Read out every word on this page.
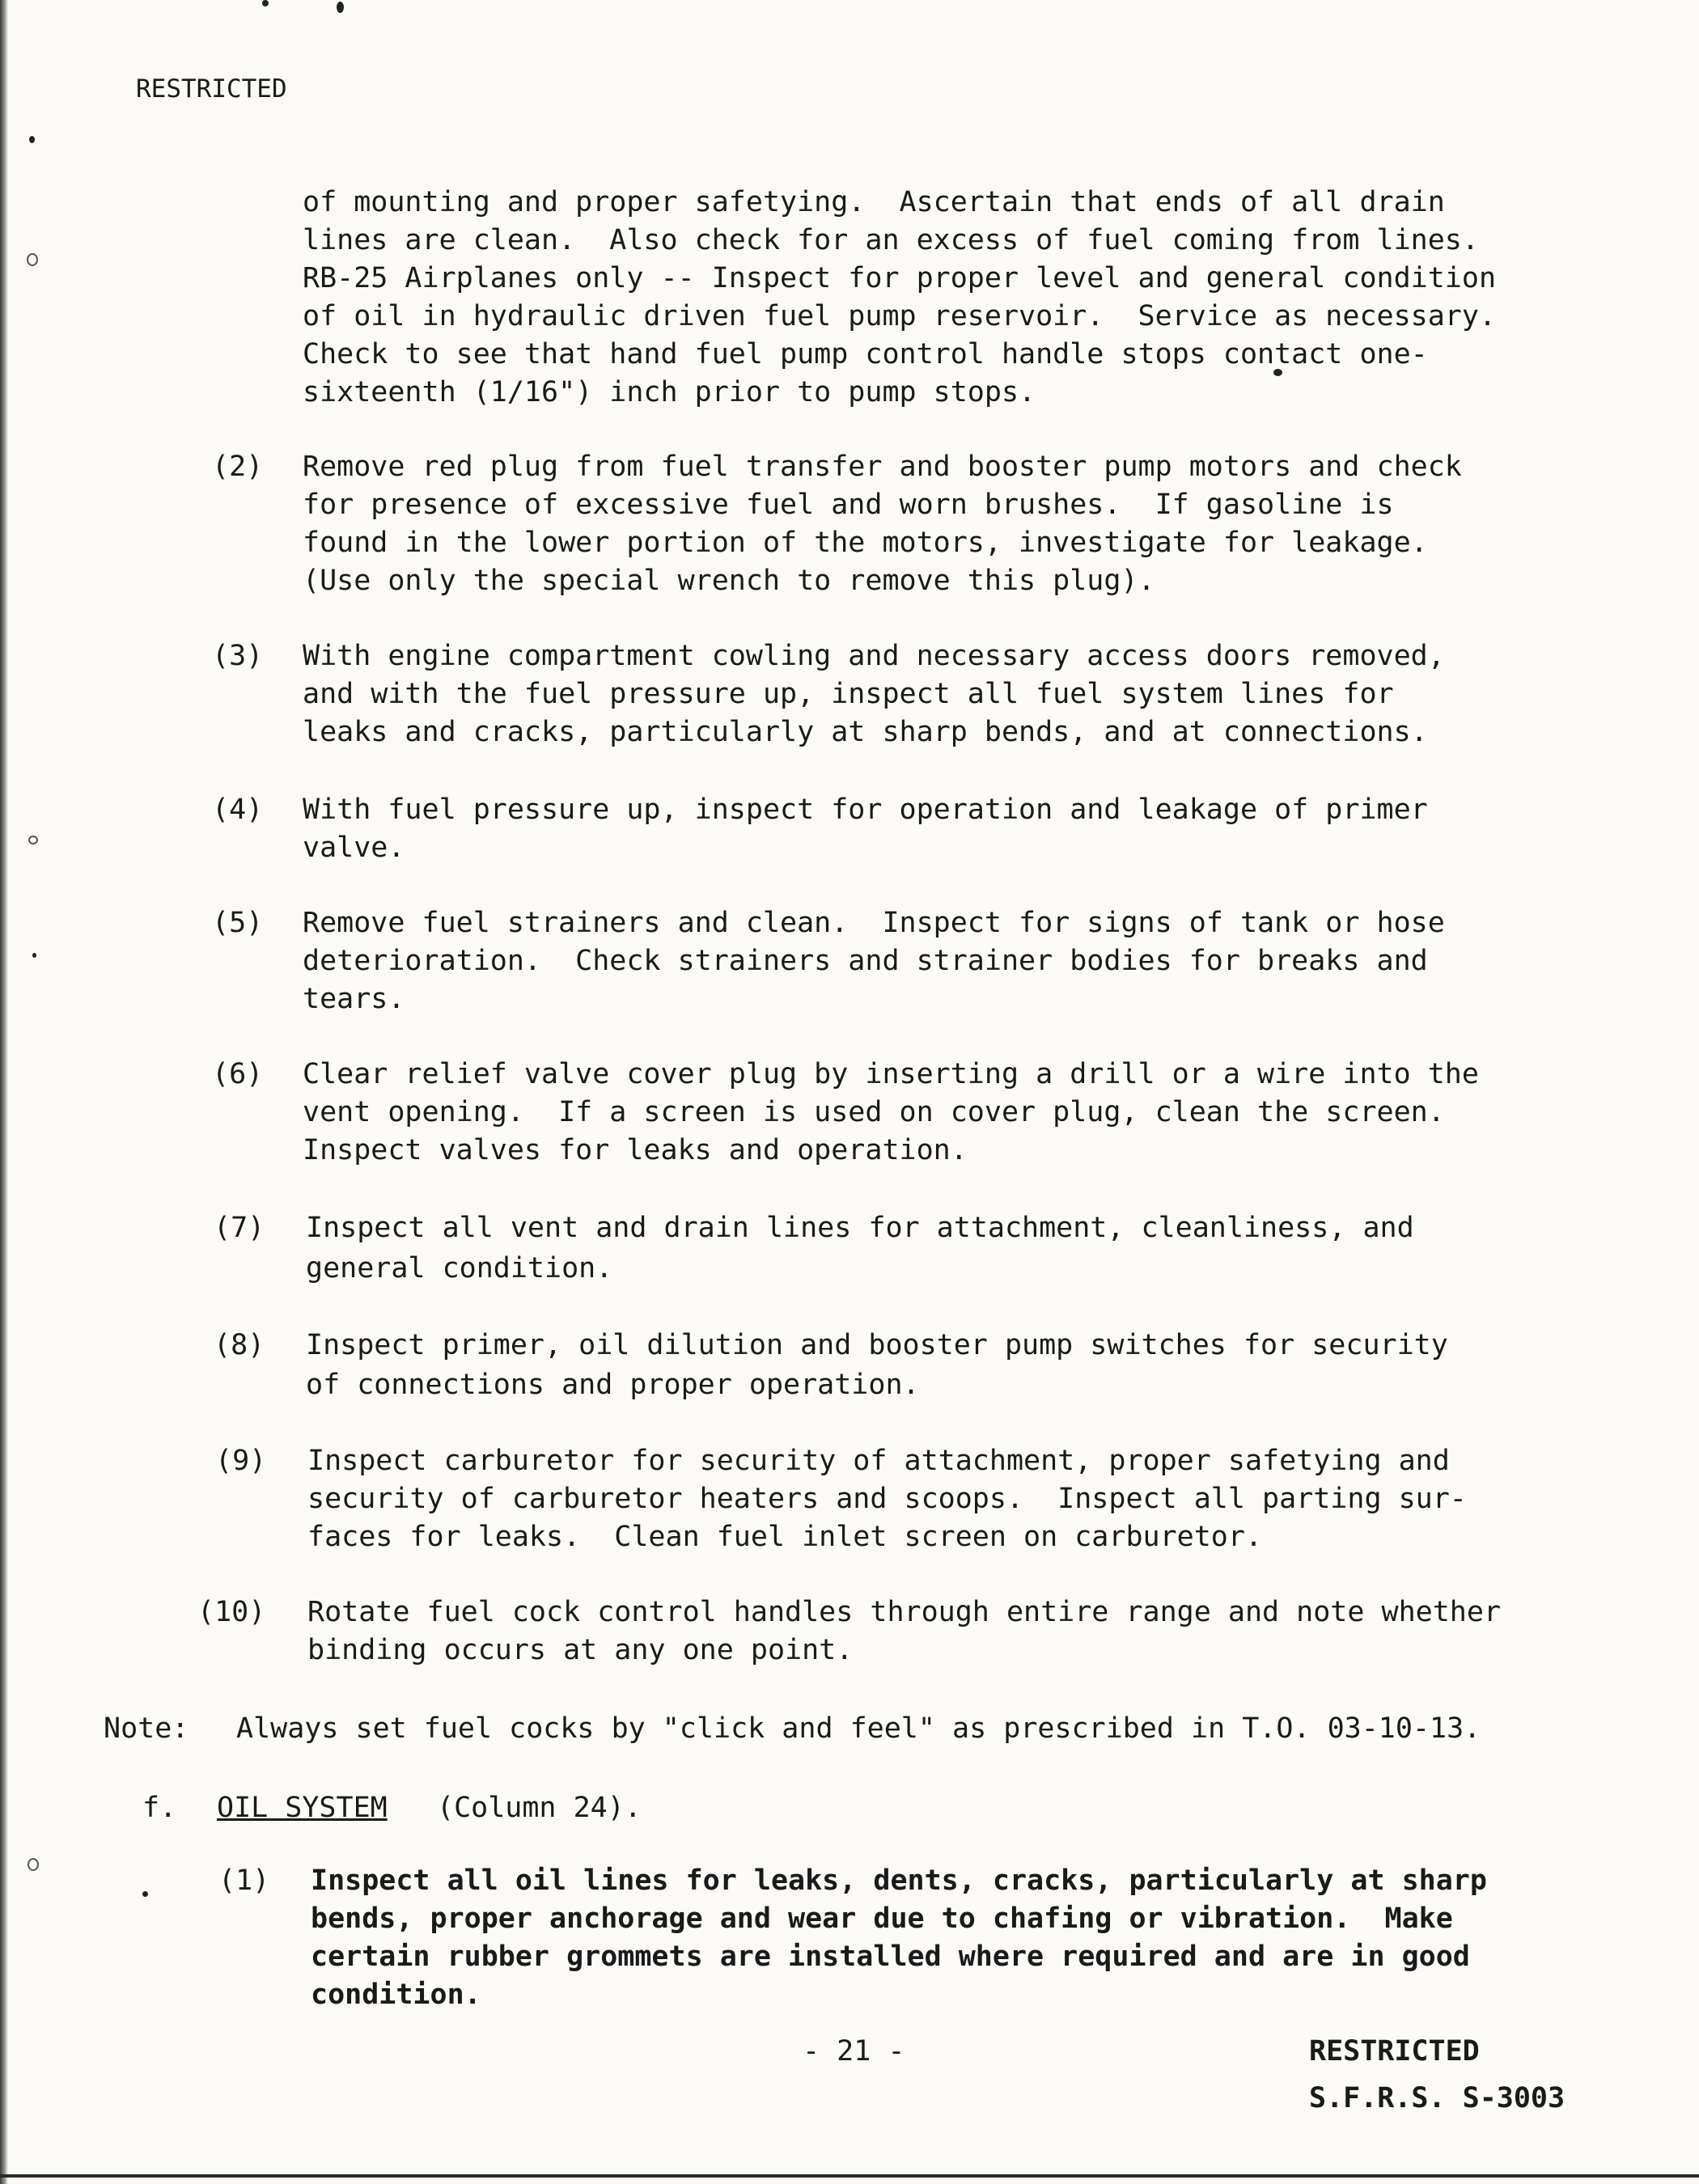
RESTRICTED
of mounting and proper safetying.  Ascertain that ends of all drain
lines are clean.  Also check for an excess of fuel coming from lines.
RB-25 Airplanes only -- Inspect for proper level and general condition
of oil in hydraulic driven fuel pump reservoir.  Service as necessary.
Check to see that hand fuel pump control handle stops contact one-
sixteenth (1/16") inch prior to pump stops.
(2) Remove red plug from fuel transfer and booster pump motors and check
for presence of excessive fuel and worn brushes.  If gasoline is
found in the lower portion of the motors, investigate for leakage.
(Use only the special wrench to remove this plug).
(3) With engine compartment cowling and necessary access doors removed,
and with the fuel pressure up, inspect all fuel system lines for
leaks and cracks, particularly at sharp bends, and at connections.
(4) With fuel pressure up, inspect for operation and leakage of primer
valve.
(5) Remove fuel strainers and clean.  Inspect for signs of tank or hose
deterioration.  Check strainers and strainer bodies for breaks and
tears.
(6) Clear relief valve cover plug by inserting a drill or a wire into the
vent opening.  If a screen is used on cover plug, clean the screen.
Inspect valves for leaks and operation.
(7) Inspect all vent and drain lines for attachment, cleanliness, and
general condition.
(8) Inspect primer, oil dilution and booster pump switches for security
of connections and proper operation.
(9) Inspect carburetor for security of attachment, proper safetying and
security of carburetor heaters and scoops.  Inspect all parting sur-
faces for leaks.  Clean fuel inlet screen on carburetor.
(10) Rotate fuel cock control handles through entire range and note whether
binding occurs at any one point.
Note: Always set fuel cocks by "click and feel" as prescribed in T.O. 03-10-13.
f. OIL SYSTEM (Column 24).
(1) Inspect all oil lines for leaks, dents, cracks, particularly at sharp
bends, proper anchorage and wear due to chafing or vibration.  Make
certain rubber grommets are installed where required and are in good
condition.
- 21 -	RESTRICTED
S.F.R.S. S-3003
